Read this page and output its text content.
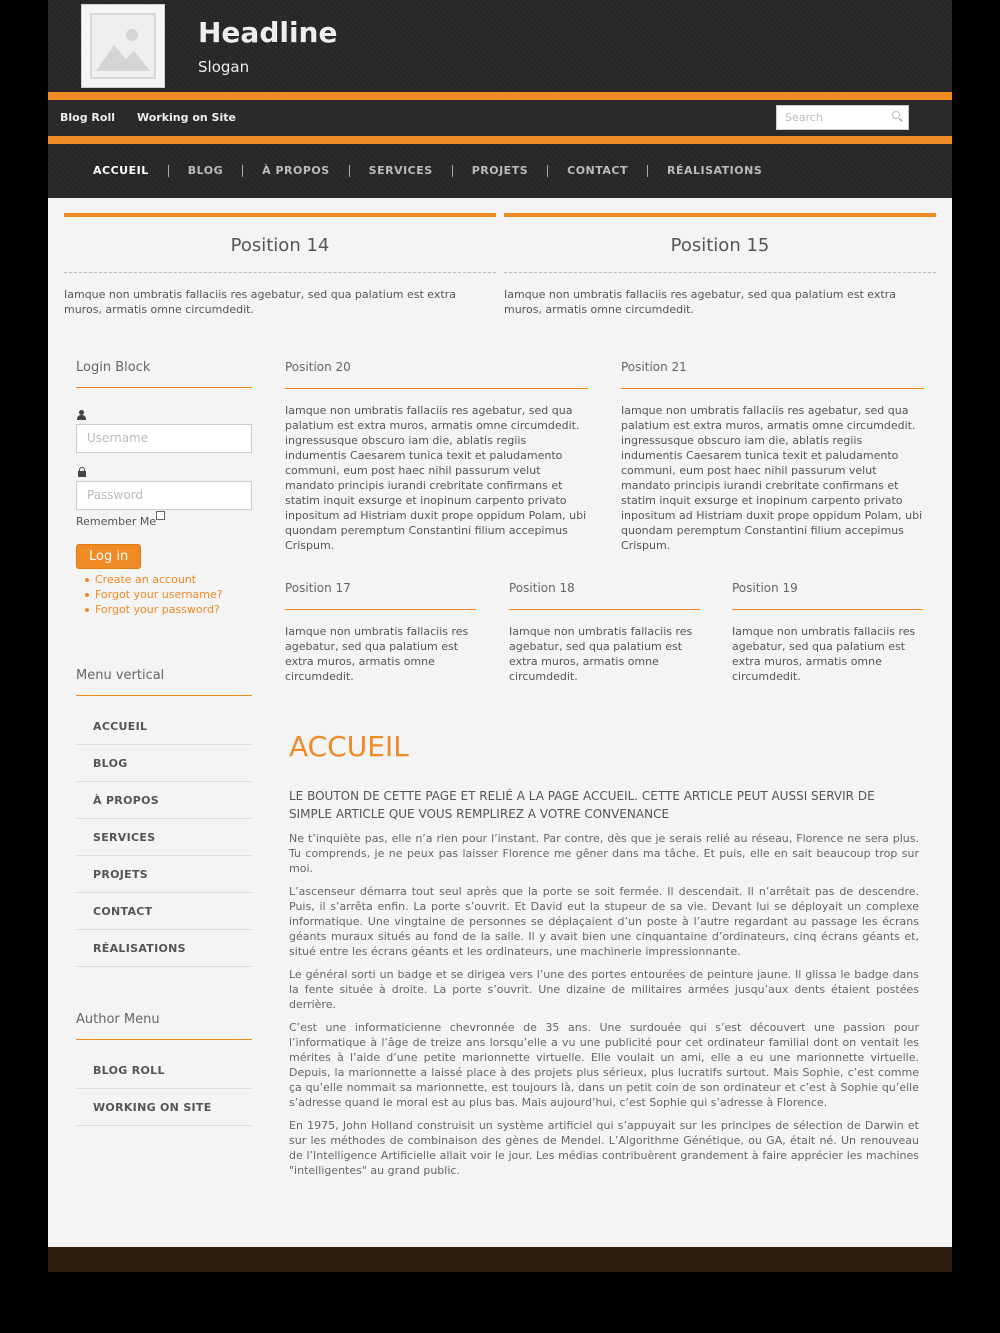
Headline
Slogan
Blog Roll Working on Site	Search
ACCUEIL	BLOG	À PROPOS	SERVICES	PROJETS	CONTACT	RÉALISATIONS
Position 14

Iamque non umbratis fallaciis res agebatur, sed qua palatium est extra muros, armatis omne circumdedit.

Position 15

Iamque non umbratis fallaciis res agebatur, sed qua palatium est extra muros, armatis omne circumdedit.

Login Block
Username
Password
Remember Me
Log in
Create an account
Forgot your username?
Forgot your password?
Menu vertical
ACCUEIL
BLOG
À PROPOS
SERVICES
PROJETS
CONTACT
RÉALISATIONS
Author Menu
BLOG ROLL
WORKING ON SITE
Position 20

Iamque non umbratis fallaciis res agebatur, sed qua palatium est extra muros, armatis omne circumdedit. ingressusque obscuro iam die, ablatis regiis indumentis Caesarem tunica texit et paludamento communi, eum post haec nihil passurum velut mandato principis iurandi crebritate confirmans et statim inquit exsurge et inopinum carpento privato inpositum ad Histriam duxit prope oppidum Polam, ubi quondam peremptum Constantini filium accepimus Crispum.

Position 21

Iamque non umbratis fallaciis res agebatur, sed qua palatium est extra muros, armatis omne circumdedit. ingressusque obscuro iam die, ablatis regiis indumentis Caesarem tunica texit et paludamento communi, eum post haec nihil passurum velut mandato principis iurandi crebritate confirmans et statim inquit exsurge et inopinum carpento privato inpositum ad Histriam duxit prope oppidum Polam, ubi quondam peremptum Constantini filium accepimus Crispum.

Position 17

Iamque non umbratis fallaciis res agebatur, sed qua palatium est extra muros, armatis omne circumdedit.

Position 18

Iamque non umbratis fallaciis res agebatur, sed qua palatium est extra muros, armatis omne circumdedit.

Position 19

Iamque non umbratis fallaciis res agebatur, sed qua palatium est extra muros, armatis omne circumdedit.

ACCUEIL
LE BOUTON DE CETTE PAGE ET RELIÉ A LA PAGE ACCUEIL. CETTE ARTICLE PEUT AUSSI SERVIR DE SIMPLE ARTICLE QUE VOUS REMPLIREZ A VOTRE CONVENANCE

Ne t’inquiète pas, elle n’a rien pour l’instant. Par contre, dès que je serais relié au réseau, Florence ne sera plus. Tu comprends, je ne peux pas laisser Florence me gêner dans ma tâche. Et puis, elle en sait beaucoup trop sur moi.

L’ascenseur démarra tout seul après que la porte se soit fermée. Il descendait. Il n’arrêtait pas de descendre. Puis, il s’arrêta enfin. La porte s’ouvrit. Et David eut la stupeur de sa vie. Devant lui se déployait un complexe informatique. Une vingtaine de personnes se déplaçaient d’un poste à l’autre regardant au passage les écrans géants muraux situés au fond de la salle. Il y avait bien une cinquantaine d’ordinateurs, cinq écrans géants et, situé entre les écrans géants et les ordinateurs, une machinerie impressionnante.

Le général sorti un badge et se dirigea vers l’une des portes entourées de peinture jaune. Il glissa le badge dans la fente située à droite. La porte s’ouvrit. Une dizaine de militaires armées jusqu’aux dents étaient postées derrière.

C’est une informaticienne chevronnée de 35 ans. Une surdouée qui s’est découvert une passion pour l’informatique à l’âge de treize ans lorsqu’elle a vu une publicité pour cet ordinateur familial dont on ventait les mérites à l’aide d’une petite marionnette virtuelle. Elle voulait un ami, elle a eu une marionnette virtuelle. Depuis, la marionnette a laissé place à des projets plus sérieux, plus lucratifs surtout. Mais Sophie, c’est comme ça qu’elle nommait sa marionnette, est toujours là, dans un petit coin de son ordinateur et c’est à Sophie qu’elle s’adresse quand le moral est au plus bas. Mais aujourd’hui, c’est Sophie qui s’adresse à Florence.

En 1975, John Holland construisit un système artificiel qui s’appuyait sur les principes de sélection de Darwin et sur les méthodes de combinaison des gènes de Mendel. L’Algorithme Génétique, ou GA, était né. Un renouveau de l’Intelligence Artificielle allait voir le jour. Les médias contribuèrent grandement à faire apprécier les machines "intelligentes" au grand public.
